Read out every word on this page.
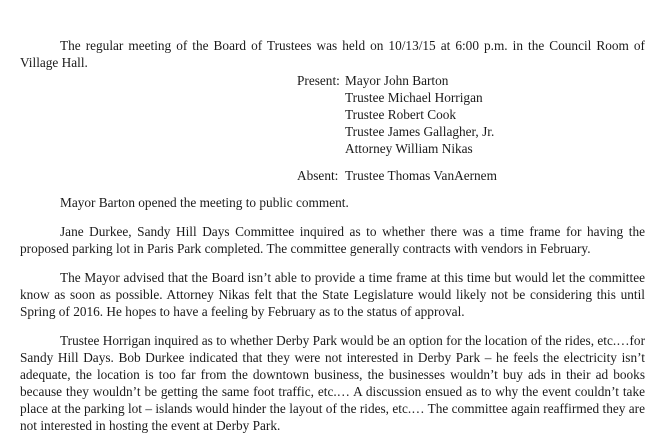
The regular meeting of the Board of Trustees was held on 10/13/15 at 6:00 p.m. in the Council Room of Village Hall.

Present: Mayor John Barton
Trustee Michael Horrigan
Trustee Robert Cook
Trustee James Gallagher, Jr.
Attorney William Nikas
Absent: Trustee Thomas VanAernem

Mayor Barton opened the meeting to public comment.

Jane Durkee, Sandy Hill Days Committee inquired as to whether there was a time frame for having the proposed parking lot in Paris Park completed. The committee generally contracts with vendors in February.

The Mayor advised that the Board isn’t able to provide a time frame at this time but would let the committee know as soon as possible. Attorney Nikas felt that the State Legislature would likely not be considering this until Spring of 2016. He hopes to have a feeling by February as to the status of approval.

Trustee Horrigan inquired as to whether Derby Park would be an option for the location of the rides, etc.…for Sandy Hill Days. Bob Durkee indicated that they were not interested in Derby Park – he feels the electricity isn’t adequate, the location is too far from the downtown business, the businesses wouldn’t buy ads in their ad books because they wouldn’t be getting the same foot traffic, etc.… A discussion ensued as to why the event couldn’t take place at the parking lot – islands would hinder the layout of the rides, etc.… The committee again reaffirmed they are not interested in hosting the event at Derby Park.
